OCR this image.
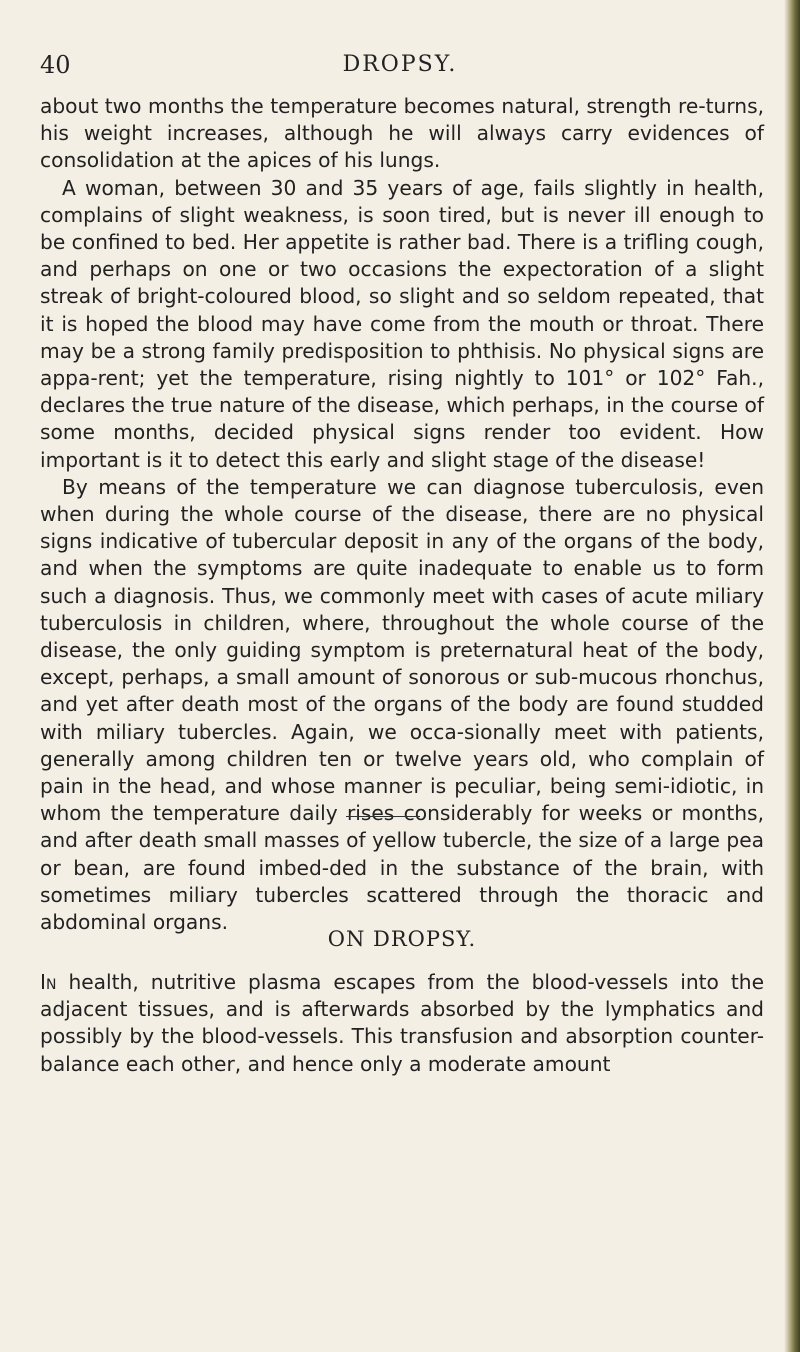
40	DROPSY.

about two months the temperature becomes natural, strength re-turns, his weight increases, although he will always carry evidences of consolidation at the apices of his lungs.

A woman, between 30 and 35 years of age, fails slightly in health, complains of slight weakness, is soon tired, but is never ill enough to be confined to bed. Her appetite is rather bad. There is a trifling cough, and perhaps on one or two occasions the expectoration of a slight streak of bright-coloured blood, so slight and so seldom repeated, that it is hoped the blood may have come from the mouth or throat. There may be a strong family predisposition to phthisis. No physical signs are appa-rent; yet the temperature, rising nightly to 101° or 102° Fah., declares the true nature of the disease, which perhaps, in the course of some months, decided physical signs render too evident. How important is it to detect this early and slight stage of the disease!

By means of the temperature we can diagnose tuberculosis, even when during the whole course of the disease, there are no physical signs indicative of tubercular deposit in any of the organs of the body, and when the symptoms are quite inadequate to enable us to form such a diagnosis. Thus, we commonly meet with cases of acute miliary tuberculosis in children, where, throughout the whole course of the disease, the only guiding symptom is preternatural heat of the body, except, perhaps, a small amount of sonorous or sub-mucous rhonchus, and yet after death most of the organs of the body are found studded with miliary tubercles. Again, we occa-sionally meet with patients, generally among children ten or twelve years old, who complain of pain in the head, and whose manner is peculiar, being semi-idiotic, in whom the temperature daily rises considerably for weeks or months, and after death small masses of yellow tubercle, the size of a large pea or bean, are found imbed-ded in the substance of the brain, with sometimes miliary tubercles scattered through the thoracic and abdominal organs.

ON DROPSY.

In health, nutritive plasma escapes from the blood-vessels into the adjacent tissues, and is afterwards absorbed by the lymphatics and possibly by the blood-vessels. This transfusion and absorption counter-balance each other, and hence only a moderate amount
